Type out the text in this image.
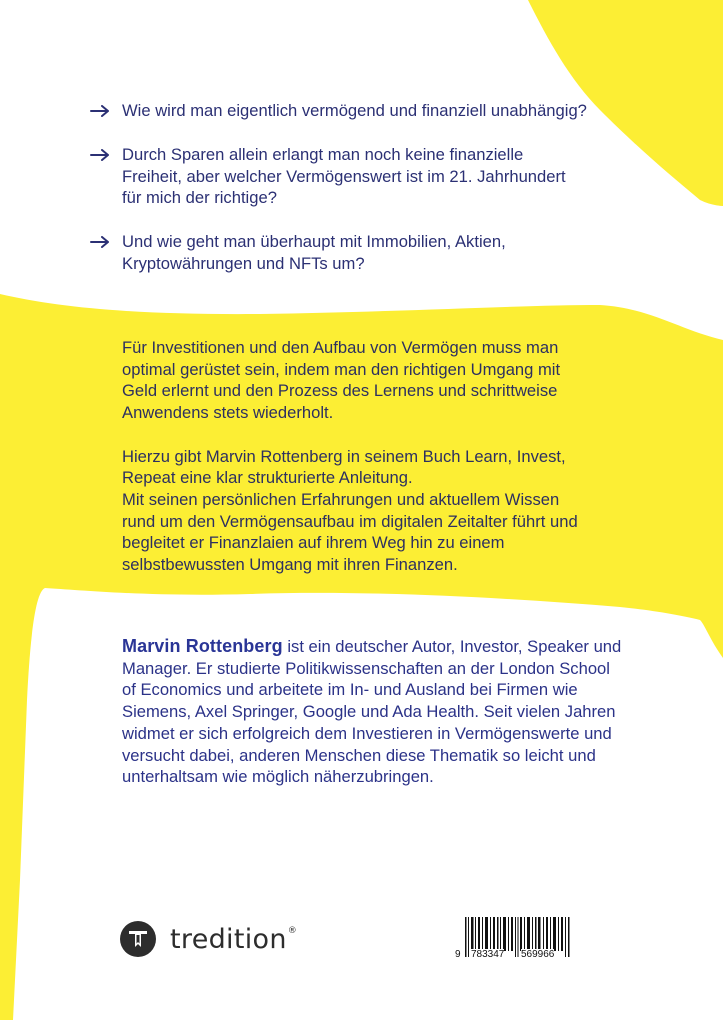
Wie wird man eigentlich vermögend und finanziell unabhängig?
Durch Sparen allein erlangt man noch keine finanzielle Freiheit, aber welcher Vermögenswert ist im 21. Jahrhundert für mich der richtige?
Und wie geht man überhaupt mit Immobilien, Aktien, Kryptowährungen und NFTs um?

Für Investitionen und den Aufbau von Vermögen muss man optimal gerüstet sein, indem man den richtigen Umgang mit Geld erlernt und den Prozess des Lernens und schrittweise Anwendens stets wiederholt.

Hierzu gibt Marvin Rottenberg in seinem Buch Learn, Invest, Repeat eine klar strukturierte Anleitung.

Mit seinen persönlichen Erfahrungen und aktuellem Wissen rund um den Vermögensaufbau im digitalen Zeitalter führt und begleitet er Finanzlaien auf ihrem Weg hin zu einem selbstbewussten Umgang mit ihren Finanzen.

Marvin Rottenberg ist ein deutscher Autor, Investor, Speaker und Manager. Er studierte Politikwissenschaften an der London School of Economics und arbeitete im In- und Ausland bei Firmen wie Siemens, Axel Springer, Google und Ada Health. Seit vielen Jahren widmet er sich erfolgreich dem Investieren in Vermögenswerte und versucht dabei, anderen Menschen diese Thematik so leicht und unterhaltsam wie möglich näherzubringen.
tredition®
9 783347 569966
